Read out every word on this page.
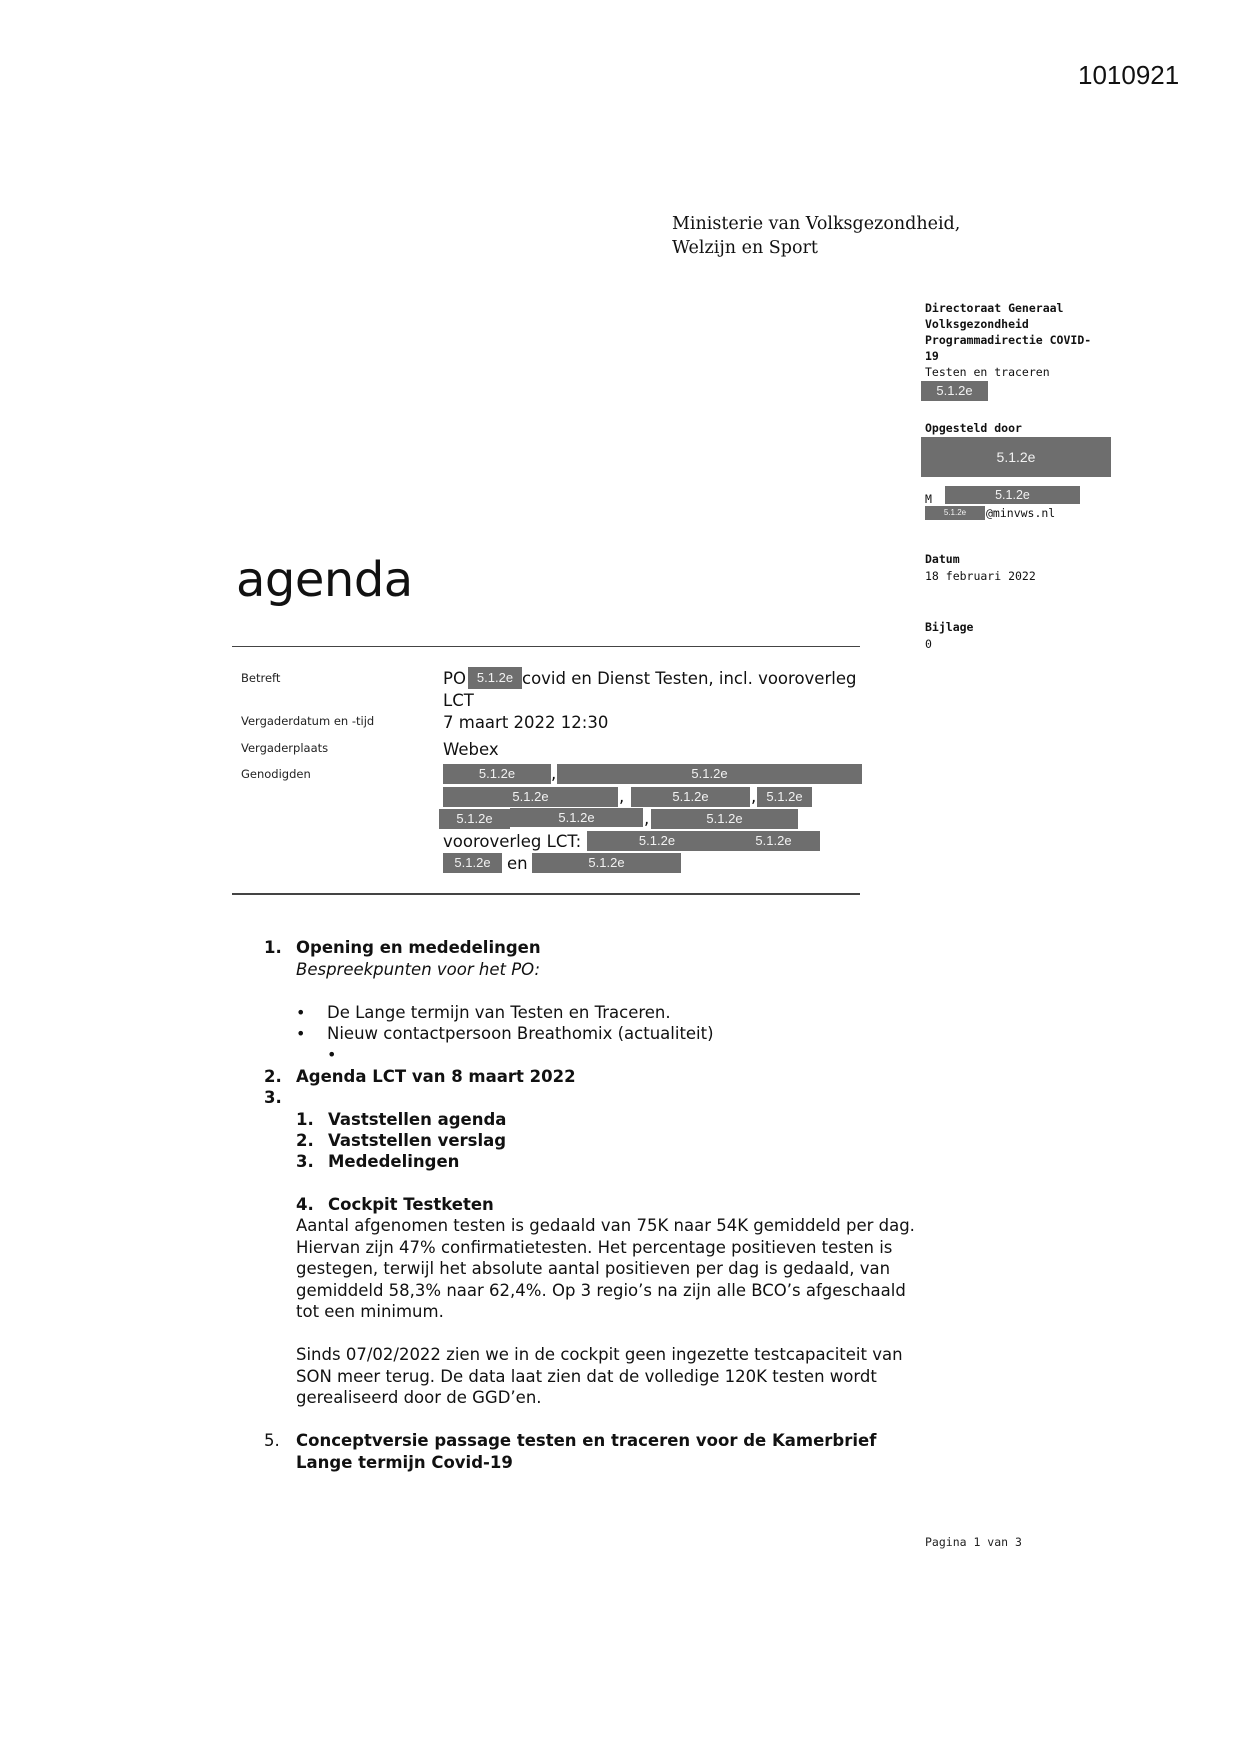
1010921
Ministerie van Volksgezondheid,
Welzijn en Sport
Directoraat Generaal
Volksgezondheid
Programmadirectie COVID-
19
Testen en traceren
5.1.2e
Opgesteld door
5.1.2e
M	5.1.2e
5.1.2e	@minvws.nl
Datum
18 februari 2022
Bijlage
0
agenda
Betreft	PO 5.1.2e covid en Dienst Testen, incl. vooroverleg
LCT
Vergaderdatum en -tijd	7 maart 2022 12:30
Vergaderplaats	Webex
Genodigden	5.1.2e	,	5.1.2e
5.1.2e	,	5.1.2e	, 5.1.2e
5.1.2e	5.1.2e	,	5.1.2e
vooroverleg LCT:	5.1.2e	5.1.2e
5.1.2e en	5.1.2e
1. Opening en mededelingen
Bespreekpunten voor het PO:
• De Lange termijn van Testen en Traceren.
• Nieuw contactpersoon Breathomix (actualiteit)
•
2. Agenda LCT van 8 maart 2022
3.
1. Vaststellen agenda
2. Vaststellen verslag
3. Mededelingen
4. Cockpit Testketen
Aantal afgenomen testen is gedaald van 75K naar 54K gemiddeld per dag.
Hiervan zijn 47% confirmatietesten. Het percentage positieven testen is
gestegen, terwijl het absolute aantal positieven per dag is gedaald, van
gemiddeld 58,3% naar 62,4%. Op 3 regio’s na zijn alle BCO’s afgeschaald
tot een minimum.
Sinds 07/02/2022 zien we in de cockpit geen ingezette testcapaciteit van
SON meer terug. De data laat zien dat de volledige 120K testen wordt
gerealiseerd door de GGD’en.
5. Conceptversie passage testen en traceren voor de Kamerbrief
Lange termijn Covid-19
Pagina 1 van 3
